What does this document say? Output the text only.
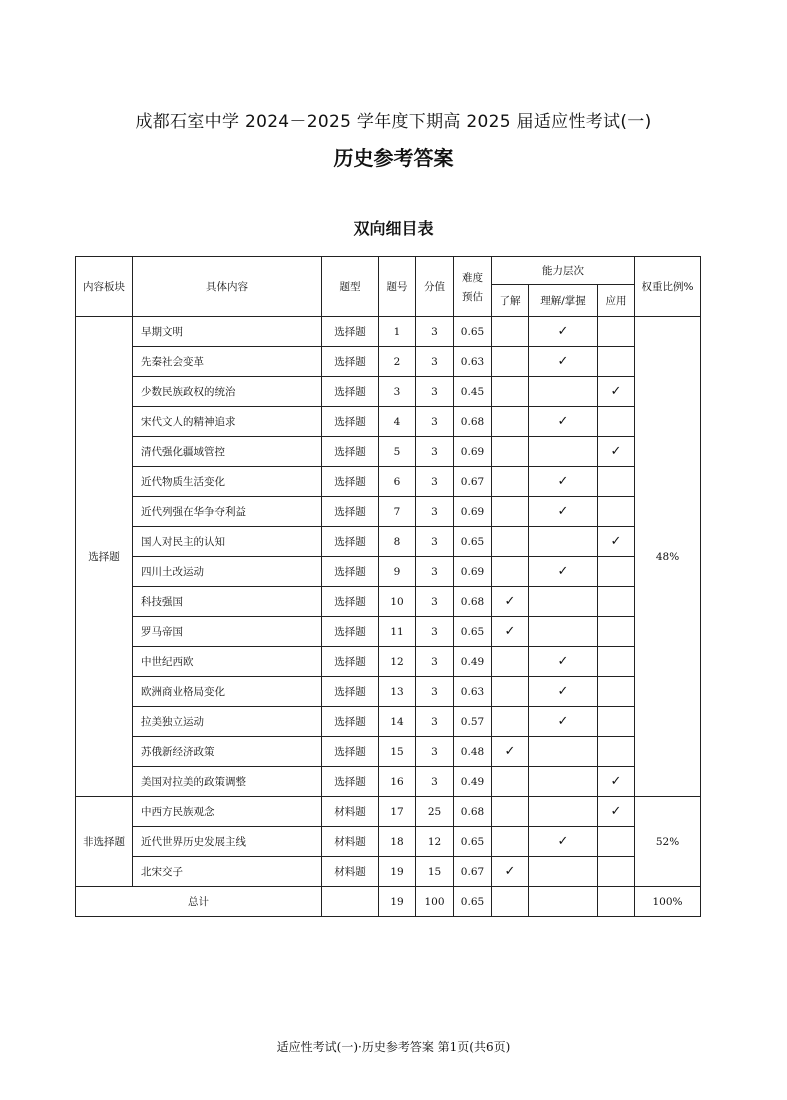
成都石室中学 2024－2025 学年度下期高 2025 届适应性考试(一)
历史参考答案
双向细目表
内容板块	具体内容	题型	题号	分值	难度
预估	能力层次			权重比例%
						了解	理解/掌握	应用	
选择题	早期文明	选择题	1	3	0.65		✓		48%
	先秦社会变革	选择题	2	3	0.63		✓		
	少数民族政权的统治	选择题	3	3	0.45			✓	
	宋代文人的精神追求	选择题	4	3	0.68		✓		
	清代强化疆域管控	选择题	5	3	0.69			✓	
	近代物质生活变化	选择题	6	3	0.67		✓		
	近代列强在华争夺利益	选择题	7	3	0.69		✓		
	国人对民主的认知	选择题	8	3	0.65			✓	
	四川土改运动	选择题	9	3	0.69		✓		
	科技强国	选择题	10	3	0.68	✓			
	罗马帝国	选择题	11	3	0.65	✓			
	中世纪西欧	选择题	12	3	0.49		✓		
	欧洲商业格局变化	选择题	13	3	0.63		✓		
	拉美独立运动	选择题	14	3	0.57		✓		
	苏俄新经济政策	选择题	15	3	0.48	✓			
	美国对拉美的政策调整	选择题	16	3	0.49			✓	
非选择题	中西方民族观念	材料题	17	25	0.68			✓	52%
	近代世界历史发展主线	材料题	18	12	0.65		✓		
	北宋交子	材料题	19	15	0.67	✓			
总计			19	100	0.65				100%
适应性考试(一)·历史参考答案 第1页(共6页)
